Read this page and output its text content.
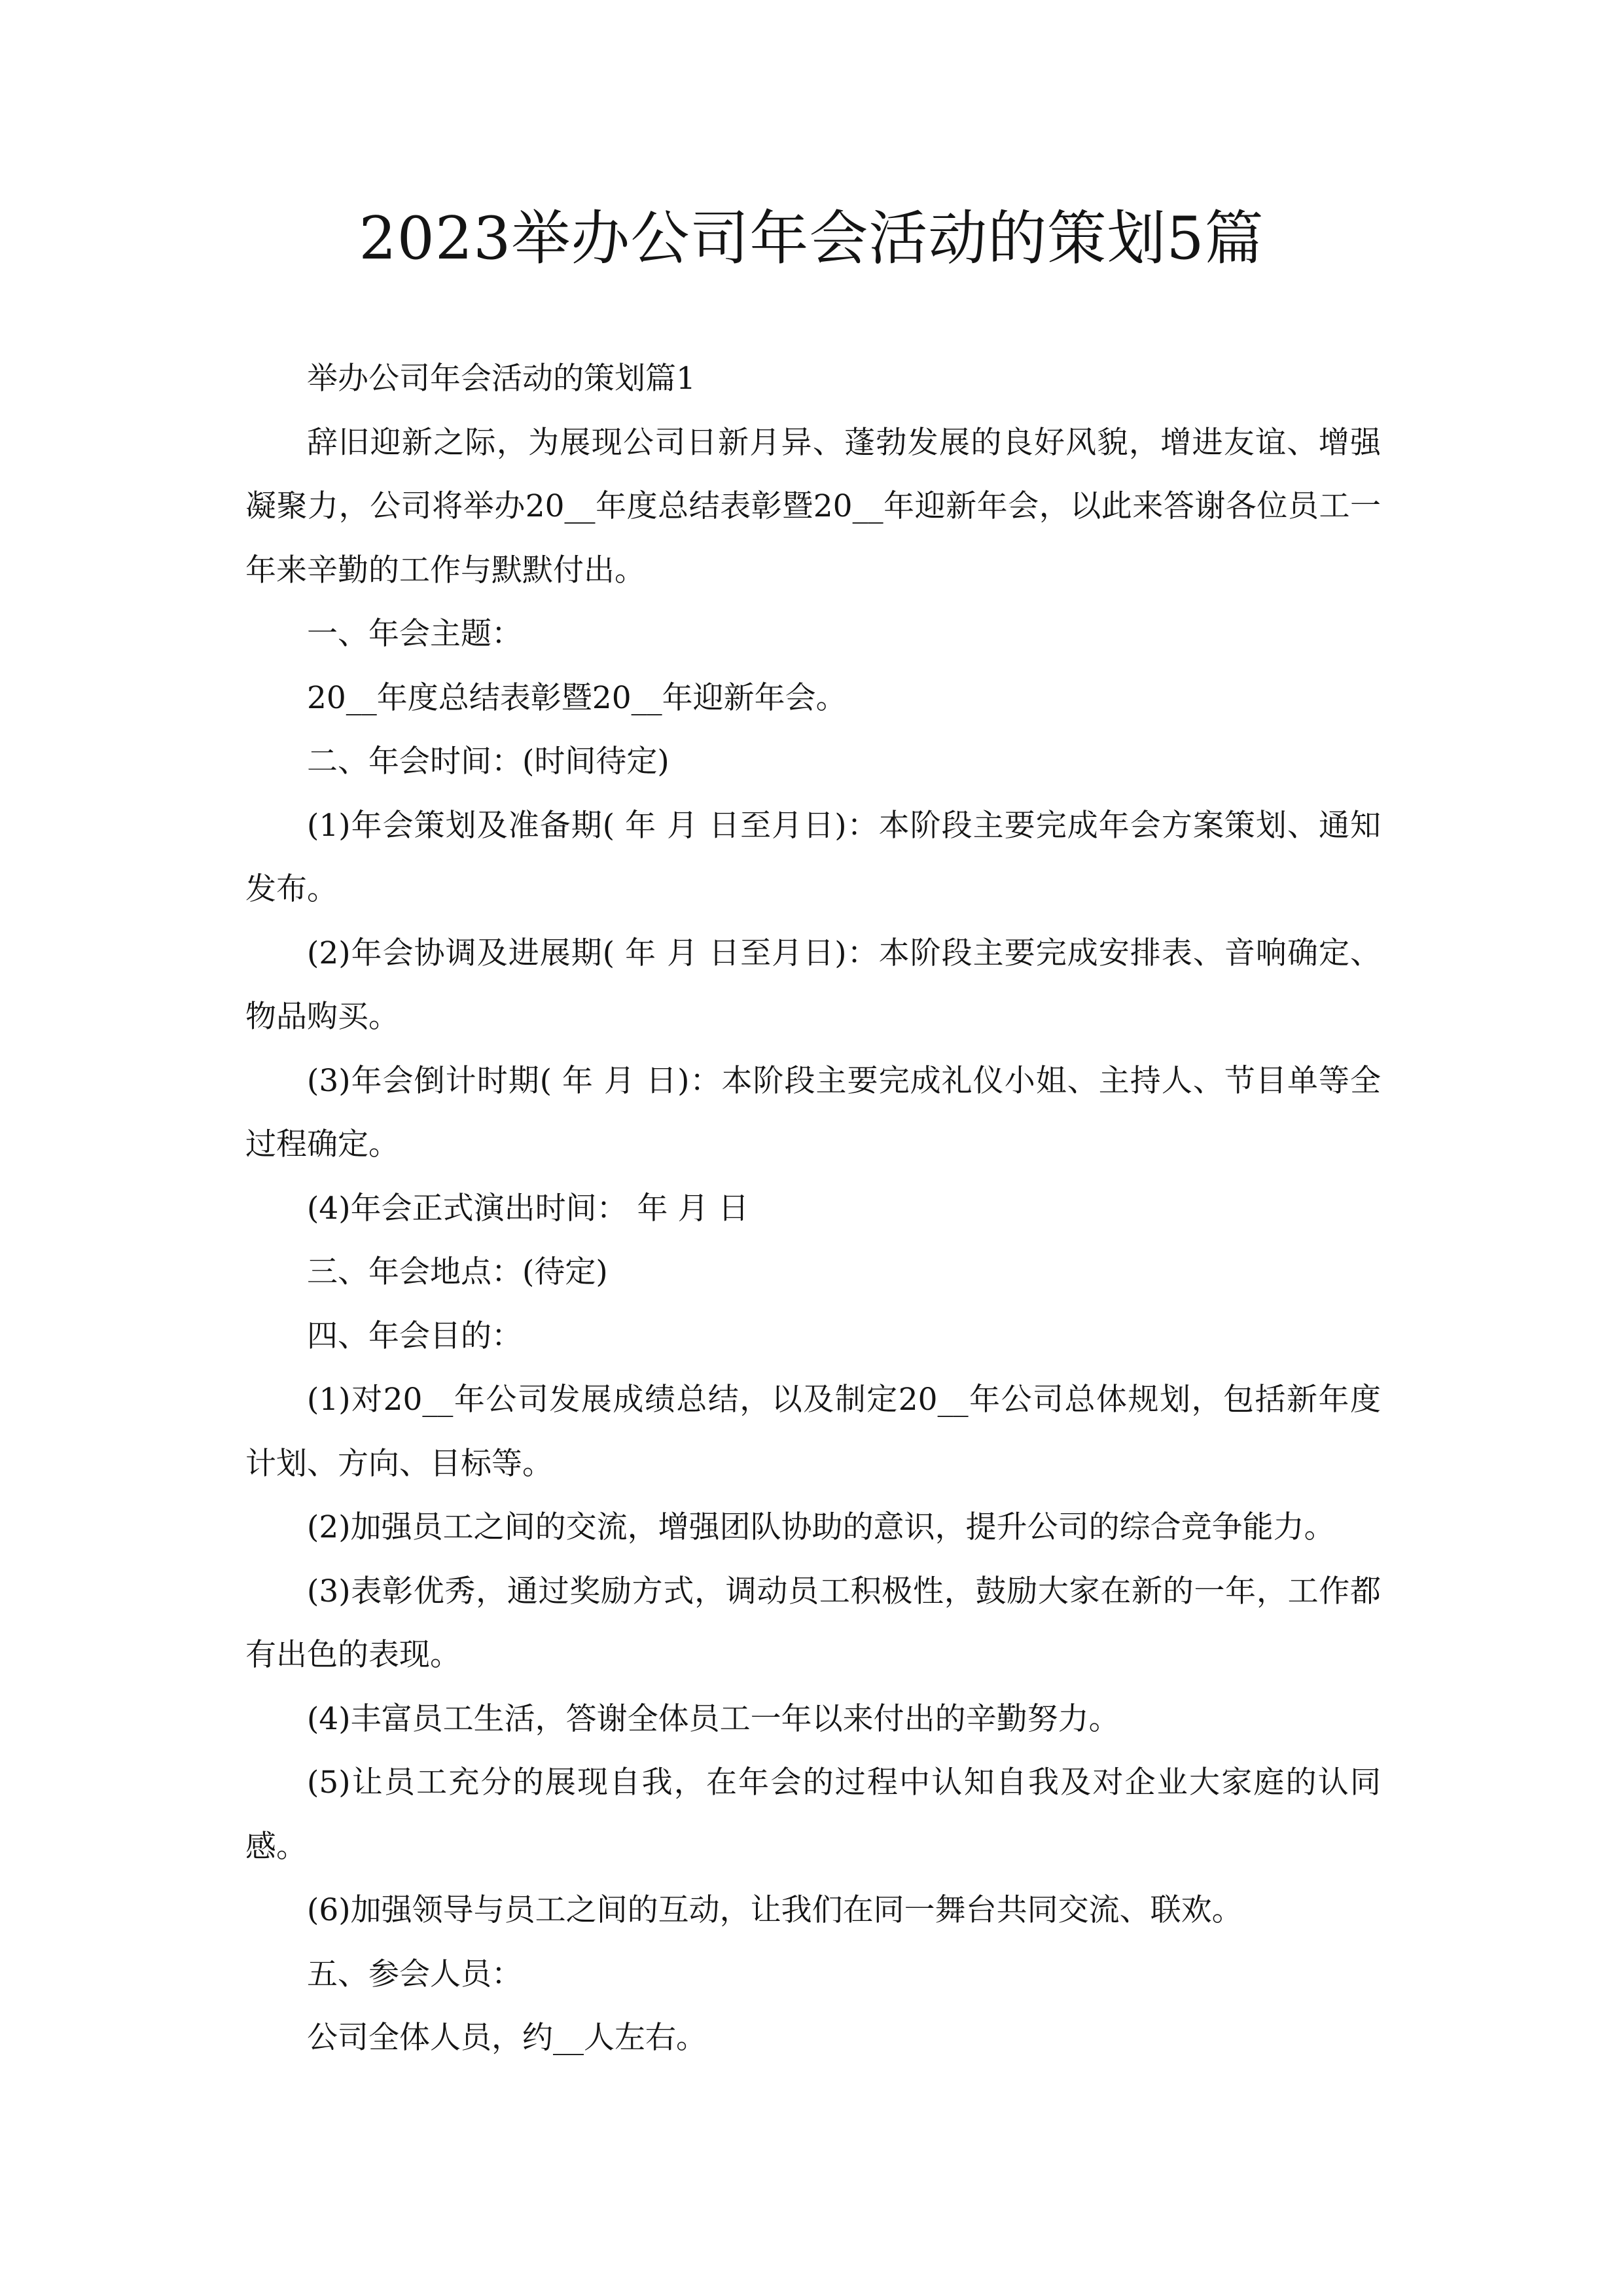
2023举办公司年会活动的策划5篇

举办公司年会活动的策划篇1

辞旧迎新之际，为展现公司日新月异、蓬勃发展的良好风貌，增进友谊、增强凝聚力，公司将举办20__年度总结表彰暨20__年迎新年会，以此来答谢各位员工一年来辛勤的工作与默默付出。

一、年会主题：

20__年度总结表彰暨20__年迎新年会。

二、年会时间：(时间待定)

(1)年会策划及准备期( 年 月 日至月日)：本阶段主要完成年会方案策划、通知发布。

(2)年会协调及进展期( 年 月 日至月日)：本阶段主要完成安排表、音响确定、物品购买。

(3)年会倒计时期( 年 月 日)：本阶段主要完成礼仪小姐、主持人、节目单等全过程确定。

(4)年会正式演出时间： 年 月 日

三、年会地点：(待定)

四、年会目的：

(1)对20__年公司发展成绩总结，以及制定20__年公司总体规划，包括新年度计划、方向、目标等。

(2)加强员工之间的交流，增强团队协助的意识，提升公司的综合竞争能力。

(3)表彰优秀，通过奖励方式，调动员工积极性，鼓励大家在新的一年，工作都有出色的表现。

(4)丰富员工生活，答谢全体员工一年以来付出的辛勤努力。

(5)让员工充分的展现自我，在年会的过程中认知自我及对企业大家庭的认同感。

(6)加强领导与员工之间的互动，让我们在同一舞台共同交流、联欢。

五、参会人员：

公司全体人员，约__人左右。
